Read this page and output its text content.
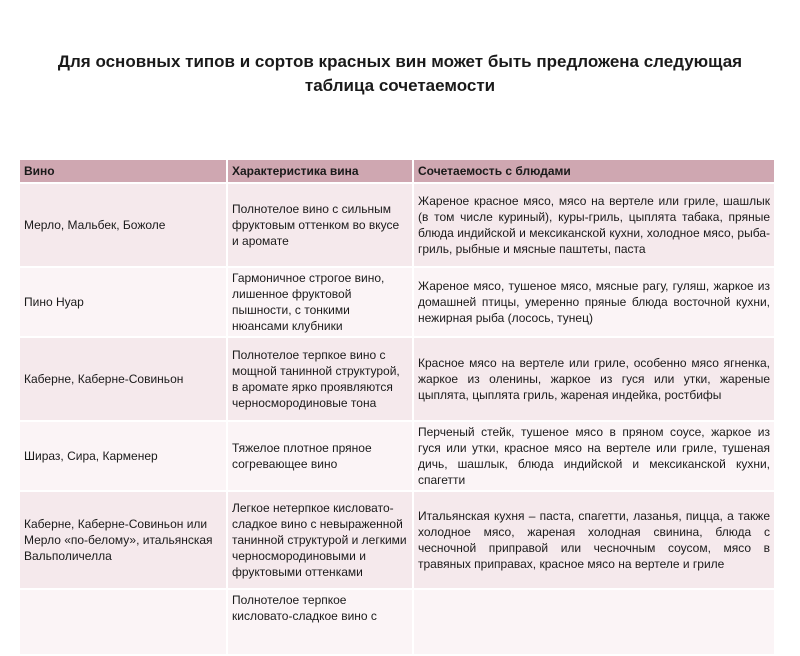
Для основных типов и сортов красных вин может быть предложена следующая
таблица сочетаемости
Вино	Характеристика вина	Сочетаемость с блюдами
Мерло, Мальбек, Божоле	Полнотелое вино с сильным фруктовым оттенком во вкусе и аромате	Жареное красное мясо, мясо на вертеле или гриле, шашлык (в том числе куриный), куры-гриль, цыплята табака, пряные блюда индийской и мексиканской кухни, холодное мясо, рыба-гриль, рыбные и мясные паштеты, паста
Пино Нуар	Гармоничное строгое вино, лишенное фруктовой пышности, с тонкими нюансами клубники	Жареное мясо, тушеное мясо, мясные рагу, гуляш, жаркое из домашней птицы, умеренно пряные блюда восточной кухни, нежирная рыба (лосось, тунец)
Каберне, Каберне-Совиньон	Полнотелое терпкое вино с мощной танинной структурой, в аромате ярко проявляются черносмородиновые тона	Красное мясо на вертеле или гриле, особенно мясо ягненка, жаркое из оленины, жаркое из гуся или утки, жареные цыплята, цыплята гриль, жареная индейка, ростбифы
Шираз, Сира, Карменер	Тяжелое плотное пряное согревающее вино	Перченый стейк, тушеное мясо в пряном соусе, жаркое из гуся или утки, красное мясо на вертеле или гриле, тушеная дичь, шашлык, блюда индийской и мексиканской кухни, спагетти
Каберне, Каберне-Совиньон или Мерло «по-белому», итальянская Вальполичелла	Легкое нетерпкое кисловато-сладкое вино с невыраженной танинной структурой и легкими черносмородиновыми и фруктовыми оттенками	Итальянская кухня – паста, спагетти, лазанья, пицца, а также холодное мясо, жареная холодная свинина, блюда с чесночной приправой или чесночным соусом, мясо в травяных приправах, красное мясо на вертеле и гриле
	Полнотелое терпкое кисловато-сладкое вино с	
